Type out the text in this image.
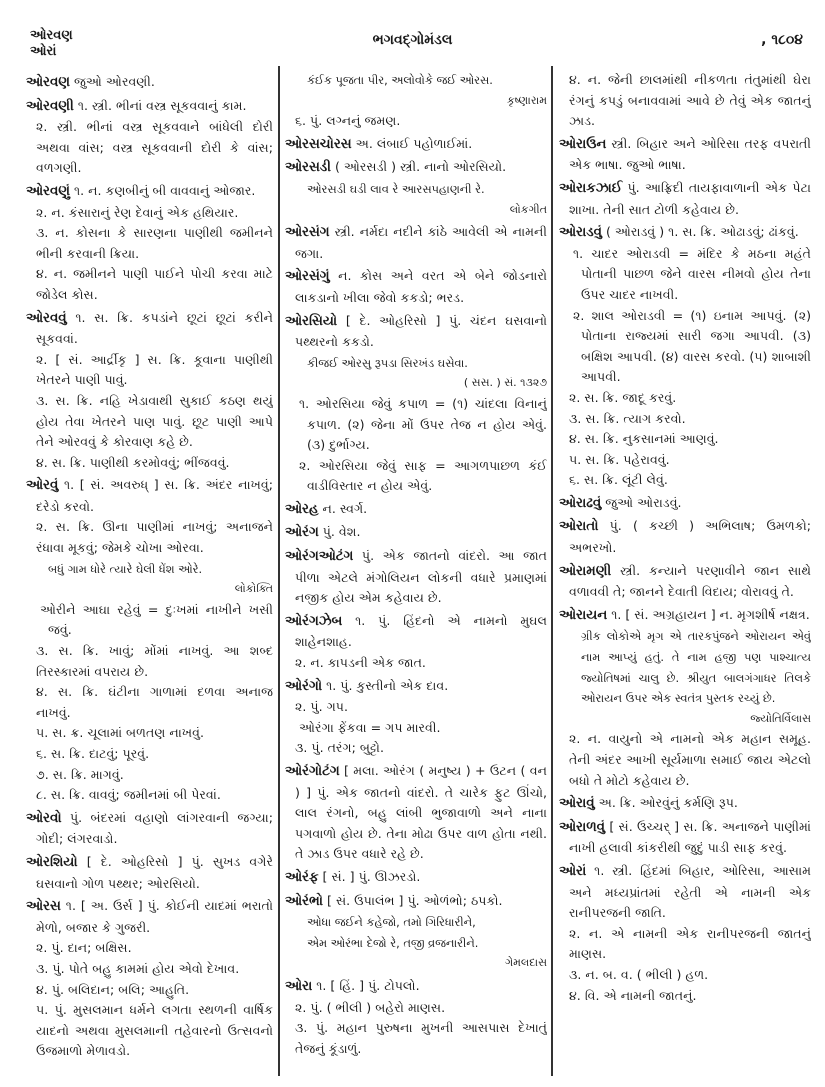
ઓરવણ
ઓરાં
ભગવદ્ગોમંડલ	, ૧૮૦૪
ઓરવણ જુઓ ઓરવણી.
ઓરવણી ૧. સ્ત્રી. ભીનાં વસ્ત્ર સૂકવવાનું કામ.
૨. સ્ત્રી. ભીનાં વસ્ત્ર સૂકવવાને બાંધેલી દોરી અથવા વાંસ; વસ્ત્ર સૂકવવાની દોરી કે વાંસ; વળગણી.
ઓરવણું ૧. ન. કણબીનું બી વાવવાનું ઓજાર.
૨. ન. કંસારાનું રેણ દેવાનું એક હથિયાર.
૩. ન. કોસના કે સારણના પાણીથી જમીનને ભીની કરવાની ક્રિયા.
૪. ન. જમીનને પાણી પાઈને પોચી કરવા માટે જોડેલ કોસ.
ઓરવવું ૧. સ. ક્રિ. કપડાંને છૂટાં છૂટાં કરીને સૂકવવાં.
૨. [ સં. આર્દ્રીકૃ ] સ. ક્રિ. કૂવાના પાણીથી ખેતરને પાણી પાવું.
૩. સ. ક્રિ. નહિ ખેડાવાથી સુકાઈ કઠણ થયું હોય તેવા ખેતરને પાણ પાવું. છૂટ પાણી આપે તેને ઓરવવું કે કોરવાણ કહે છે.
૪. સ. ક્રિ. પાણીથી કરમોવવું; ભીંજવવું.
ઓરવું ૧. [ સં. અવરુધ્ ] સ. ક્રિ. અંદર નાખવું; દરેડો કરવો.
૨. સ. ક્રિ. ઊના પાણીમાં નાખવું; અનાજને રંધાવા મૂકવું; જેમકે ચોખા ઓરવા.
બધું ગામ ધોરે ત્યારે ઘેલી ધેંશ ઓરે.
લોકોક્તિ
ઓરીને આઘા રહેવું = દુઃખમાં નાખીને ખસી જવું.
૩. સ. ક્રિ. ખાવું; મોંમાં નાખવું. આ શબ્દ તિરસ્કારમાં વપરાય છે.
૪. સ. ક્રિ. ઘંટીના ગાળામાં દળવા અનાજ નાખવું.
૫. સ. ક્ર. ચૂલામાં બળતણ નાખવું.
૬. સ. ક્રિ. દાટવું; પૂરવું.
૭. સ. ક્રિ. માગવું.
૮. સ. ક્રિ. વાવવું; જમીનમાં બી પેરવાં.
ઓરવો પું. બંદરમાં વહાણો લાંગરવાની જગ્યા; ગોદી; લંગરવાડો.
ઓરશિયો [ દે. ઓહરિસો ] પું. સુખડ વગેરે ઘસવાનો ગોળ પથ્થર; ઓરસિયો.
ઓરસ ૧. [ અ. ઉર્સ ] પું. કોઈની યાદમાં ભરાતો મેળો, બજાર કે ગુજરી.
૨. પું. દાન; બક્ષિસ.
૩. પું. પોતે બહુ કામમાં હોય એવો દેખાવ.
૪. પું. બલિદાન; બલિ; આહુતિ.
૫. પું. મુસલમાન ધર્મને લગતા સ્થળની વાર્ષિક યાદનો અથવા મુસલમાની તહેવારનો ઉત્સવનો ઉજમાળો મેળાવડો.
કંઈક પૂજતા પીર, અલોવોકે જઈ ઓરસ.
કૃષ્ણારામ
૬. પું. લગ્નનું જમણ.
ઓરસચોરસ અ. લંબાઈ પહોળાઈમાં.
ઓરસડી ( ઓરસડી ) સ્ત્રી. નાનો ઓરસિયો.
ઓરસડી ઘડી લાવ રે આરસપહાણની રે.
લોકગીત
ઓરસંગ સ્ત્રી. નર્મદા નદીને કાંઠે આવેલી એ નામની જગા.
ઓરસંગું ન. કોસ અને વરત એ બેને જોડનારો લાકડાનો ખીલા જેવો કકડો; ભરડ.
ઓરસિયો [ દે. ઓહરિસો ] પું. ચંદન ઘસવાનો પથ્થરનો કકડો.
કીજઈ ઓરસુ રૂપડા સિરખંડ ઘસેવા.
( સસ. ) સં. ૧૩૨૭
૧. ઓરસિયા જેવું કપાળ = (૧) ચાંદલા વિનાનું કપાળ. (૨) જેના મોં ઉપર તેજ ન હોય એવું. (૩) દુર્ભાગ્ય.
૨. ઓરસિયા જેવું સાફ = આગળપાછળ કંઈ વાડીવિસ્તાર ન હોય એવું.
ઓરહ ન. સ્વર્ગ.
ઓરંગ પું. વેશ.
ઓરંગઓટંગ પું. એક જાતનો વાંદરો. આ જાત પીળા એટલે મંગોલિયન લોકની વધારે પ્રમાણમાં નજીક હોય એમ કહેવાય છે.
ઓરંગઝેબ ૧. પું. હિંદનો એ નામનો મુઘલ શાહેનશાહ.
૨. ન. કાપડની એક જાત.
ઓરંગો ૧. પું. કુસ્તીનો એક દાવ.
૨. પું. ગપ.
ઓરંગા ફેંકવા = ગપ મારવી.
૩. પું. તરંગ; બુટ્ટો.
ઓરંગોટંગ [ મલા. ઓરંગ ( મનુષ્ય ) + ઉટન ( વન ) ] પું. એક જાતનો વાંદરો. તે ચારેક ફુટ ઊંચો, લાલ રંગનો, બહુ લાંબી ભુજાવાળો અને નાના પગવાળો હોય છે. તેના મોઢા ઉપર વાળ હોતા નથી. તે ઝાડ ઉપર વધારે રહે છે.
ઓરંફ [ સં. ] પું. ઊઝરડો.
ઓરંભો [ સં. ઉપાલંભ ] પું. ઓળંભો; ઠપકો.
ઓધા જઈને કહેજો, તમો ગિરિધારીને,
એમ ઓરંભા દેજો રે, તજી વ્રજનારીને.
ગેમલદાસ
ઓરા ૧. [ હિં. ] પું. ટોપલો.
૨. પું. ( ભીલી ) બહેરો માણસ.
૩. પું. મહાન પુરુષના મુખની આસપાસ દેખાતું તેજનું કૂંડાળું.
૪. ન. જેની છાલમાંથી નીકળતા તંતુમાંથી ઘેરા રંગનું કપડું બનાવવામાં આવે છે તેવું એક જાતનું ઝાડ.
ઓરાઉન સ્ત્રી. બિહાર અને ઓરિસા તરફ વપરાતી એક ભાષા. જુઓ ભાષા.
ઓરાકઝાઈ પું. આફ્રિદી તાયફાવાળાની એક પેટા શાખા. તેની સાત ટોળી કહેવાય છે.
ઓરાડવું ( ઓરાડવું ) ૧. સ. ક્રિ. ઓઢાડવું; ઢાંકવું.
૧. ચાદર ઓરાડવી = મંદિર કે મઠના મહંતે પોતાની પાછળ જેને વારસ નીમવો હોય તેના ઉપર ચાદર નાખવી.
૨. શાલ ઓરાડવી = (૧) ઇનામ આપવું. (૨) પોતાના રાજ્યમાં સારી જગા આપવી. (૩) બક્ષિશ આપવી. (૪) વારસ કરવો. (૫) શાબાશી આપવી.
૨. સ. ક્રિ. જાદૂ કરવું.
૩. સ. ક્રિ. ત્યાગ કરવો.
૪. સ. ક્રિ. નુકસાનમાં આણવું.
૫. સ. ક્રિ. પહેરાવવું.
૬. સ. ક્રિ. લૂંટી લેવું.
ઓરાઢવું જુઓ ઓરાડવું.
ઓરાતો પું. ( કચ્છી ) અભિલાષ; ઉમળકો; અભરખો.
ઓરામણી સ્ત્રી. કન્યાને પરણાવીને જાન સાથે વળાવવી તે; જાનને દેવાતી વિદાય; વોરાવવું તે.
ઓરાયન ૧. [ સં. અગ્રહાયન ] ન. મૃગશીર્ષ નક્ષત્ર.
ગ્રીક લોકોએ મૃગ એ તારકપુંજને ઓરાયન એવું નામ આપ્યું હતું. તે નામ હજી પણ પાશ્ચાત્ય જ્યોતિષમાં ચાલુ છે. શ્રીયુત બાલગંગાધર તિલકે ઓરાયન ઉપર એક સ્વતંત્ર પુસ્તક રચ્યું છે.
જ્યોતિર્વિલાસ
૨. ન. વાયુનો એ નામનો એક મહાન સમૂહ. તેની અંદર આખી સૂર્યમાળા સમાઈ જાય એટલો બધો તે મોટો કહેવાય છે.
ઓરાવું અ. ક્રિ. ઓરવુંનું કર્મણિ રૂપ.
ઓરાળવું [ સં. ઉચ્ચર્ ] સ. ક્રિ. અનાજને પાણીમાં નાખી હલાવી કાંકરીથી જુદું પાડી સાફ કરવું.
ઓરાં ૧. સ્ત્રી. હિંદમાં બિહાર, ઓરિસા, આસામ અને મધ્યપ્રાંતમાં રહેતી એ નામની એક રાનીપરજની જાતિ.
૨. ન. એ નામની એક રાનીપરજની જાતનું માણસ.
૩. ન. બ. વ. ( ભીલી ) હળ.
૪. વિ. એ નામની જાતનું.
